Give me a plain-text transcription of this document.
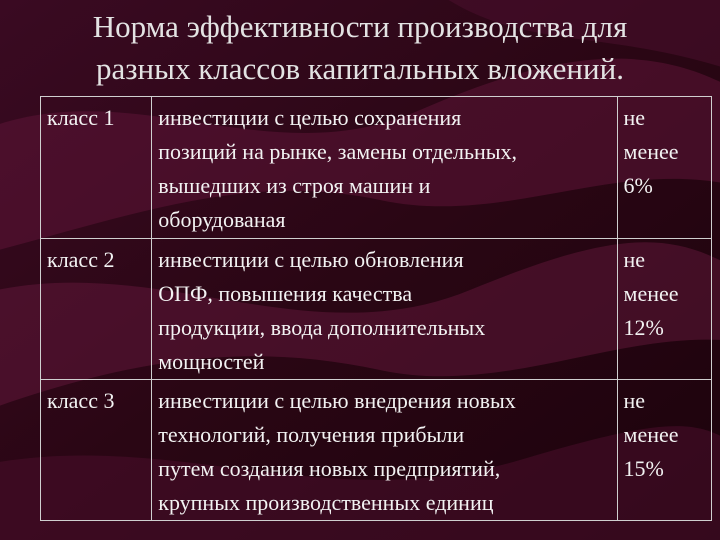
Норма эффективности производства для
разных классов капитальных вложений.
класс 1	инвестиции с целью сохранения
позиций на рынке, замены отдельных,
вышедших из строя машин и
оборудованая	не
менее
6%

класс 2	инвестиции с целью обновления
ОПФ, повышения качества
продукции, ввода дополнительных
мощностей	не
менее
12%

класс 3	инвестиции с целью внедрения новых
технологий, получения прибыли
путем создания новых предприятий,
крупных производственных единиц	не
менее
15%
